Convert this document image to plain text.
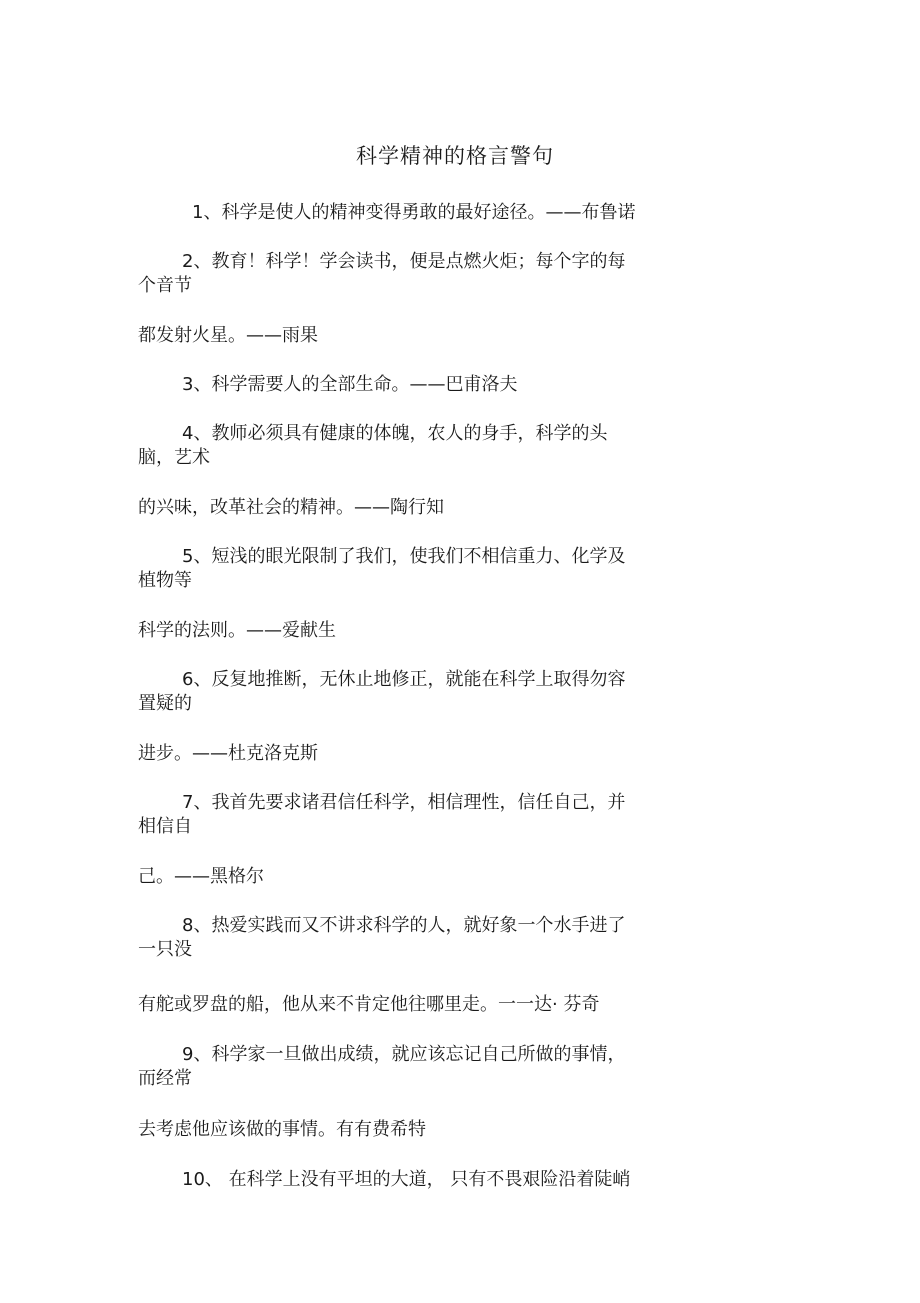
科学精神的格言警句
1、科学是使人的精神变得勇敢的最好途径。——布鲁诺
2、教育！科学！学会读书，便是点燃火炬；每个字的每
个音节
都发射火星。——雨果
3、科学需要人的全部生命。——巴甫洛夫
4、教师必须具有健康的体魄，农人的身手，科学的头
脑，艺术
的兴味，改革社会的精神。——陶行知
5、短浅的眼光限制了我们，使我们不相信重力、化学及
植物等
科学的法则。——爱献生
6、反复地推断，无休止地修正，就能在科学上取得勿容
置疑的
进步。——杜克洛克斯
7、我首先要求诸君信任科学，相信理性，信任自己，并
相信自
己。——黑格尔
8、热爱实践而又不讲求科学的人，就好象一个水手进了
一只没
有舵或罗盘的船，他从来不肯定他往哪里走。一一达· 芬奇
9、科学家一旦做出成绩，就应该忘记自己所做的事情，
而经常
去考虑他应该做的事情。有有费希特
10、 在科学上没有平坦的大道， 只有不畏艰险沿着陡峭
